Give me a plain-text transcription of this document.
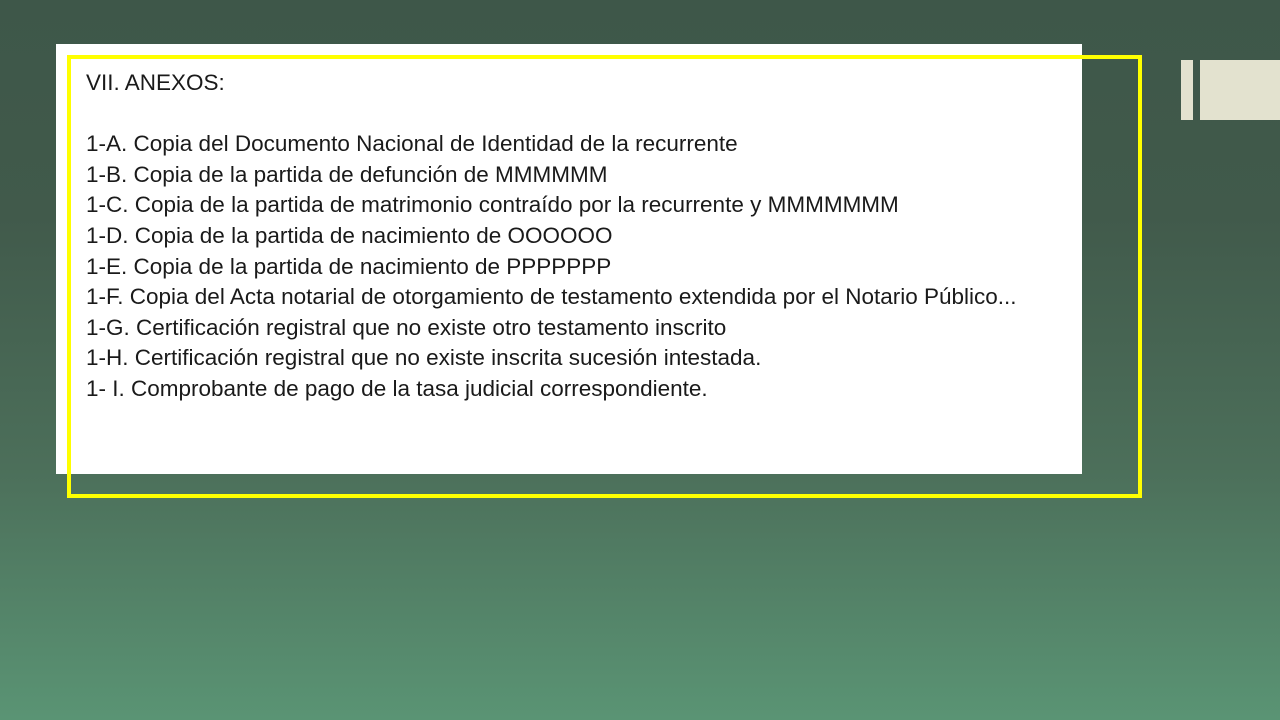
VII. ANEXOS:

1-A. Copia del Documento Nacional de Identidad de la recurrente

1-B. Copia de la partida de defunción de MMMMMM

1-C. Copia de la partida de matrimonio contraído por la recurrente y MMMMMMM

1-D. Copia de la partida de nacimiento de OOOOOO

1-E. Copia de la partida de nacimiento de PPPPPPP

1-F. Copia del Acta notarial de otorgamiento de testamento extendida por el Notario Público...

1-G. Certificación registral que no existe otro testamento inscrito

1-H. Certificación registral que no existe inscrita sucesión intestada.

1- I. Comprobante de pago de la tasa judicial correspondiente.
